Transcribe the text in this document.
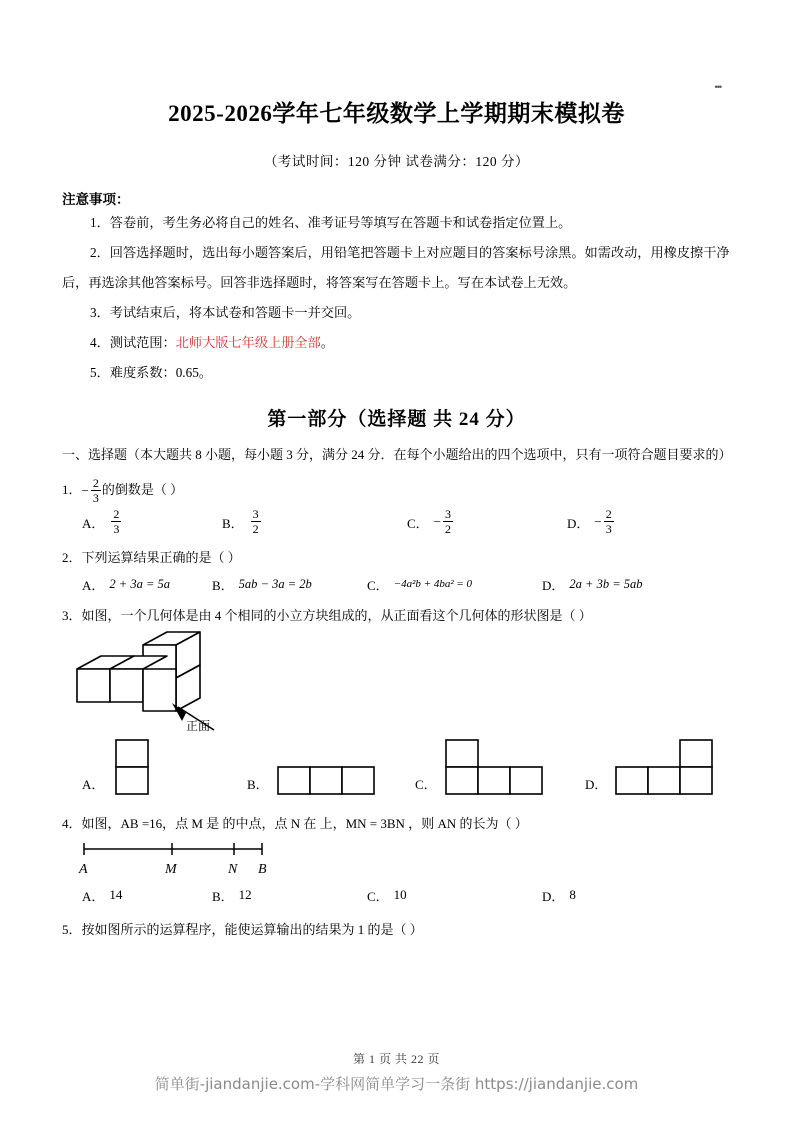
•••
2025-2026学年七年级数学上学期期末模拟卷

（考试时间：120 分钟 试卷满分：120 分）

注意事项：

1．答卷前，考生务必将自己的姓名、准考证号等填写在答题卡和试卷指定位置上。
2．回答选择题时，选出每小题答案后，用铅笔把答题卡上对应题目的答案标号涂黑。如需改动，用橡皮擦干净后，再选涂其他答案标号。回答非选择题时，将答案写在答题卡上。写在本试卷上无效。
3．考试结束后，将本试卷和答题卡一并交回。
4．测试范围：北师大版七年级上册全部。
5．难度系数：0.65。
第一部分（选择题 共 24 分）

一、选择题（本大题共 8 小题，每小题 3 分，满分 24 分．在每个小题给出的四个选项中，只有一项符合题目要求的）

1．− $\frac{2}{3}$ 的倒数是（ ）
A． $\frac{2}{3}$	B． $\frac{3}{2}$	C． − $\frac{3}{2}$	D． − $\frac{2}{3}$
2．下列运算结果正确的是（ ）
A． 2 + 3a = 5a	B． 5ab − 3a = 2b	C． −4a²b + 4ba² = 0	D． 2a + 3b = 5ab
3．如图，一个几何体是由 4 个相同的小立方块组成的，从正面看这个几何体的形状图是（ ）
正面
A．	B．	C．	D．
4．如图，AB =16，点 M 是 的中点，点 N 在 上，MN = 3BN ，则 AN 的长为（ ）
A	M	N B
A． 14	B． 12	C． 10	D． 8
5．按如图所示的运算程序，能使运算输出的结果为 1 的是（ ）
第 1 页 共 22 页
简单街-jiandanjie.com-学科网简单学习一条街 https://jiandanjie.com
